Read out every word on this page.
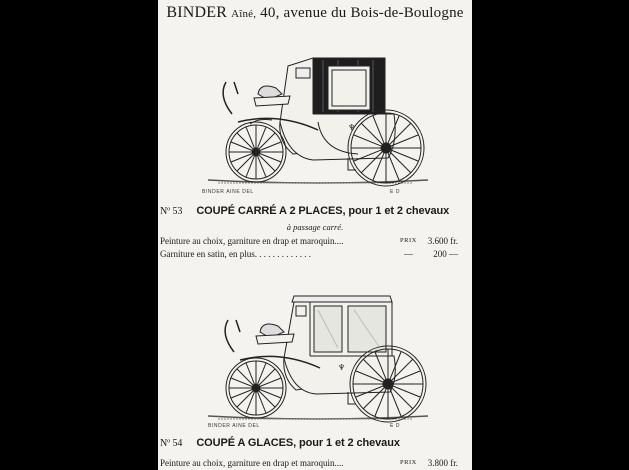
BINDER Aîné, 40, avenue du Bois-de-Boulogne
♆
BINDER AINE DEL	E D
Nº 53 COUPÉ CARRÉ A 2 PLACES, pour 1 et 2 chevaux
à passage carré.
Peinture au choix, garniture en drap et maroquin....	PRIX 3.600 fr.
Garniture en satin, en plus. . . . . . . . . . . . .	— 200 —
♆
BINDER AINE DEL	E D
Nº 54 COUPÉ A GLACES, pour 1 et 2 chevaux
Peinture au choix, garniture en drap et maroquin....	PRIX 3.800 fr.
